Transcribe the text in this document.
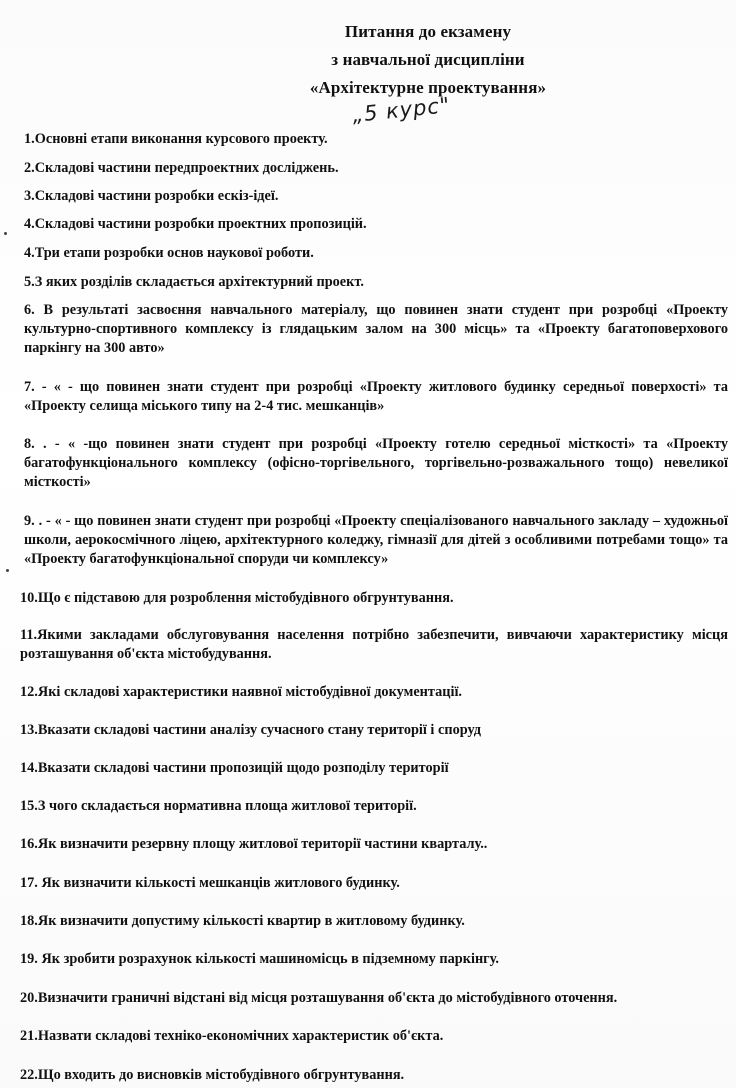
Питання до екзамену

з навчальної дисципліни

«Архітектурне проектування»

„5 курс"

1.Основні етапи виконання курсового проекту.

2.Складові частини передпроектних досліджень.

3.Складові частини розробки ескіз-ідеї.

4.Складові частини розробки проектних пропозицій.

4.Три етапи розробки основ наукової роботи.

5.З яких розділів складається архітектурний проект.

6. В результаті засвоєння навчального матеріалу, що повинен знати студент при розробці «Проекту культурно-спортивного комплексу із глядацьким залом на 300 місць» та «Проекту багатоповерхового паркінгу на 300 авто»

7. - « - що повинен знати студент при розробці «Проекту житлового будинку середньої поверхості» та «Проекту селища міського типу на 2-4 тис. мешканців»

8. . - « -що повинен знати студент при розробці «Проекту готелю середньої місткості» та «Проекту багатофункціонального комплексу (офісно-торгівельного, торгівельно-розважального тощо) невеликої місткості»

9. . - « - що повинен знати студент при розробці «Проекту спеціалізованого навчального закладу – художньої школи, аерокосмічного ліцею, архітектурного коледжу, гімназії для дітей з особливими потребами тощо» та «Проекту багатофункціональної споруди чи комплексу»

10.Що є підставою для розроблення містобудівного обгрунтування.

11.Якими закладами обслуговування населення потрібно забезпечити, вивчаючи характеристику місця розташування об'єкта містобудування.

12.Які складові характеристики наявної містобудівної документації.

13.Вказати складові частини аналізу сучасного стану території і споруд

14.Вказати складові частини пропозицій щодо розподілу території

15.З чого складається нормативна площа житлової території.

16.Як визначити резервну площу житлової території частини кварталу..

17. Як визначити кількості мешканців житлового будинку.

18.Як визначити допустиму кількості квартир в житловому будинку.

19. Як зробити розрахунок кількості машиномісць в підземному паркінгу.

20.Визначити граничні відстані від місця розташування об'єкта до містобудівного оточення.

21.Назвати складові техніко-економічних характеристик об'єкта.

22.Що входить до висновків містобудівного обгрунтування.
